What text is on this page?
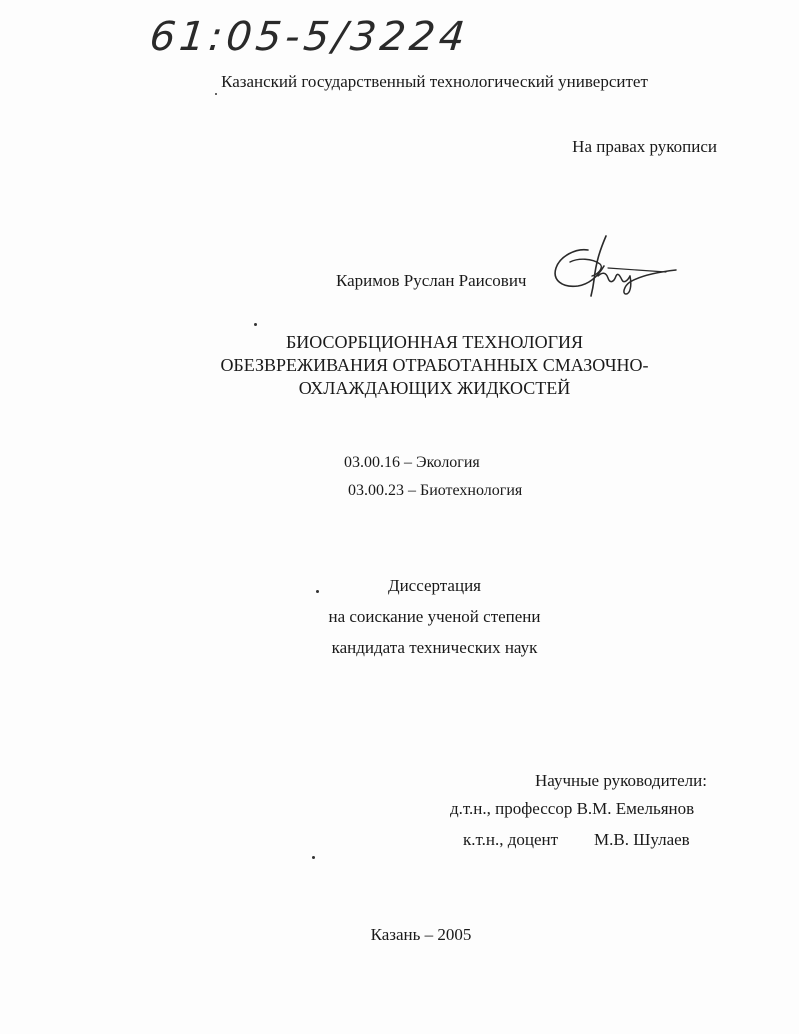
61:05-5/3224
Казанский государственный технологический университет
На правах рукописи
Каримов Руслан Раисович
БИОСОРБЦИОННАЯ ТЕХНОЛОГИЯ
ОБЕЗВРЕЖИВАНИЯ ОТРАБОТАННЫХ СМАЗОЧНО-
ОХЛАЖДАЮЩИХ ЖИДКОСТЕЙ
03.00.16 – Экология
03.00.23 – Биотехнология
Диссертация
на соискание ученой степени
кандидата технических наук
Научные руководители:
д.т.н., профессор В.М. Емельянов
к.т.н., доцент М.В. Шулаев
Казань – 2005
